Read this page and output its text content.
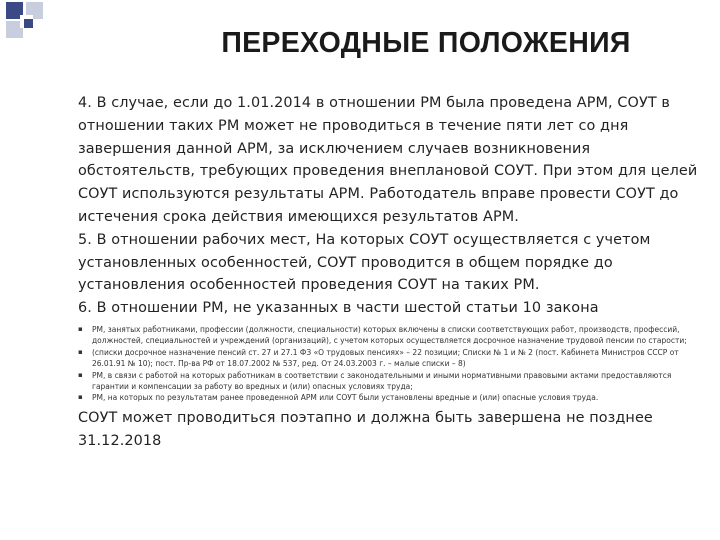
ПЕРЕХОДНЫЕ ПОЛОЖЕНИЯ

4. В случае, если до 1.01.2014 в отношении РМ была проведена АРМ, СОУТ в отношении таких РМ может не проводиться в течение пяти лет со дня завершения данной АРМ, за исключением случаев возникновения обстоятельств, требующих проведения внеплановой СОУТ. При этом для целей СОУТ используются результаты АРМ. Работодатель вправе провести СОУТ до истечения срока действия имеющихся результатов АРМ.

5. В отношении рабочих мест, На которых СОУТ осуществляется с учетом установленных особенностей, СОУТ проводится в общем порядке до установления особенностей проведения СОУТ на таких РМ.

6. В отношении РМ, не указанных в части шестой статьи 10 закона

▪ РМ, занятых работниками, профессии (должности, специальности) которых включены в списки соответствующих работ, производств, профессий, должностей, специальностей и учреждений (организаций), с учетом которых осуществляется досрочное назначение трудовой пенсии по старости;
▪ (списки досрочное назначение пенсий ст. 27 и 27.1 ФЗ «О трудовых пенсиях» – 22 позиции; Списки № 1 и № 2 (пост. Кабинета Министров СССР от 26.01.91 № 10); пост. Пр-ва РФ от 18.07.2002 № 537, ред. От 24.03.2003 г. – малые списки – 8)
▪ РМ, в связи с работой на которых работникам в соответствии с законодательными и иными нормативными правовыми актами предоставляются гарантии и компенсации за работу во вредных и (или) опасных условиях труда;
▪ РМ, на которых по результатам ранее проведенной АРМ или СОУТ были установлены вредные и (или) опасные условия труда.

СОУТ может проводиться поэтапно и должна быть завершена не позднее 31.12.2018
